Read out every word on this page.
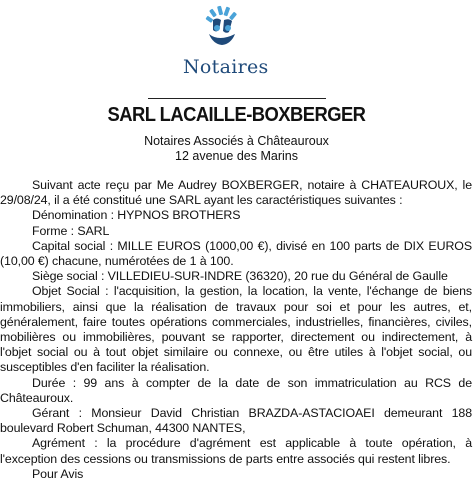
Notaires
SARL LACAILLE-BOXBERGER
Notaires Associés à Châteauroux
12 avenue des Marins

Suivant acte reçu par Me Audrey BOXBERGER, notaire à CHATEAUROUX, le 29/08/24, il a été constitué une SARL ayant les caractéristiques suivantes :

Dénomination : HYPNOS BROTHERS

Forme : SARL

Capital social : MILLE EUROS (1000,00 €), divisé en 100 parts de DIX EUROS (10,00 €) chacune, numérotées de 1 à 100.

Siège social : VILLEDIEU-SUR-INDRE (36320), 20 rue du Général de Gaulle

Objet Social : l'acquisition, la gestion, la location, la vente, l'échange de biens immobiliers, ainsi que la réalisation de travaux pour soi et pour les autres, et, généralement, faire toutes opérations commerciales, industrielles, financières, civiles, mobilières ou immobilières, pouvant se rapporter, directement ou indirectement, à l'objet social ou à tout objet similaire ou connexe, ou être utiles à l'objet social, ou susceptibles d'en faciliter la réalisation.

Durée : 99 ans à compter de la date de son immatriculation au RCS de Châteauroux.

Gérant : Monsieur David Christian BRAZDA-ASTACIOAEI demeurant 188 boulevard Robert Schuman, 44300 NANTES,

Agrément : la procédure d'agrément est applicable à toute opération, à l'exception des cessions ou transmissions de parts entre associés qui restent libres.

Pour Avis
